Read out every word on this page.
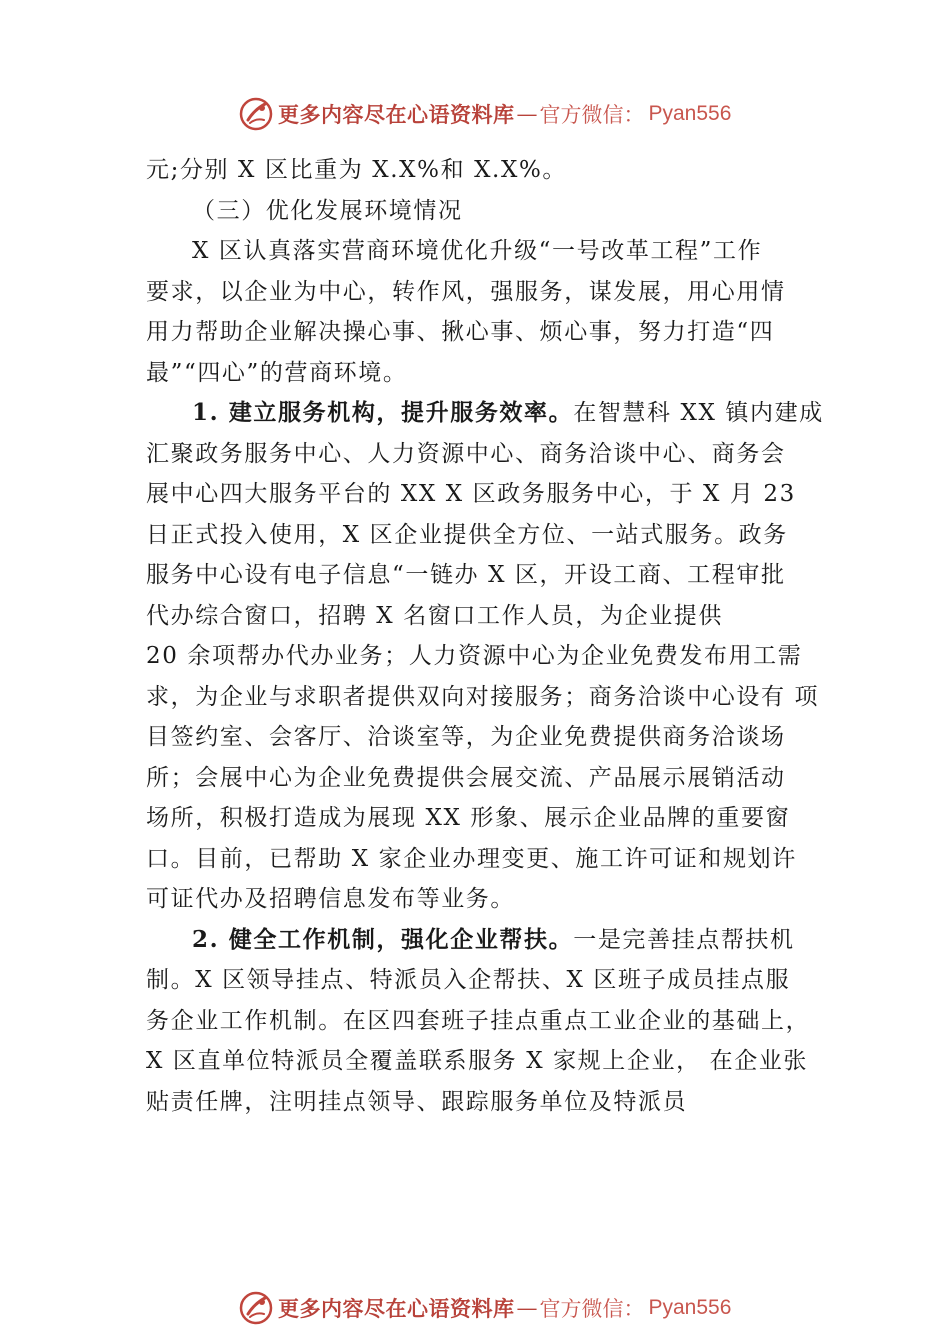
更多内容尽在心语资料库 — 官方微信： Pyan556
元;分别 X 区比重为 X.X%和 X.X%。
（三）优化发展环境情况
X 区认真落实营商环境优化升级“一号改革工程”工作
要求，以企业为中心，转作风，强服务，谋发展，用心用情
用力帮助企业解决操心事、揪心事、烦心事，努力打造“四
最”“四心”的营商环境。
1. 建立服务机构，提升服务效率。在智慧科 XX 镇内建成
汇聚政务服务中心、人力资源中心、商务洽谈中心、商务会
展中心四大服务平台的 XX X 区政务服务中心，于 X 月 23
日正式投入使用，X 区企业提供全方位、一站式服务。政务
服务中心设有电子信息“一链办 X 区，开设工商、工程审批
代办综合窗口，招聘 X 名窗口工作人员，为企业提供
20 余项帮办代办业务；人力资源中心为企业免费发布用工需
求，为企业与求职者提供双向对接服务；商务洽谈中心设有 项
目签约室、会客厅、洽谈室等，为企业免费提供商务洽谈场
所；会展中心为企业免费提供会展交流、产品展示展销活动
场所，积极打造成为展现 XX 形象、展示企业品牌的重要窗
口。目前，已帮助 X 家企业办理变更、施工许可证和规划许
可证代办及招聘信息发布等业务。
2. 健全工作机制，强化企业帮扶。一是完善挂点帮扶机
制。X 区领导挂点、特派员入企帮扶、X 区班子成员挂点服
务企业工作机制。在区四套班子挂点重点工业企业的基础上，
X 区直单位特派员全覆盖联系服务 X 家规上企业， 在企业张
贴责任牌，注明挂点领导、跟踪服务单位及特派员
更多内容尽在心语资料库 — 官方微信： Pyan556
